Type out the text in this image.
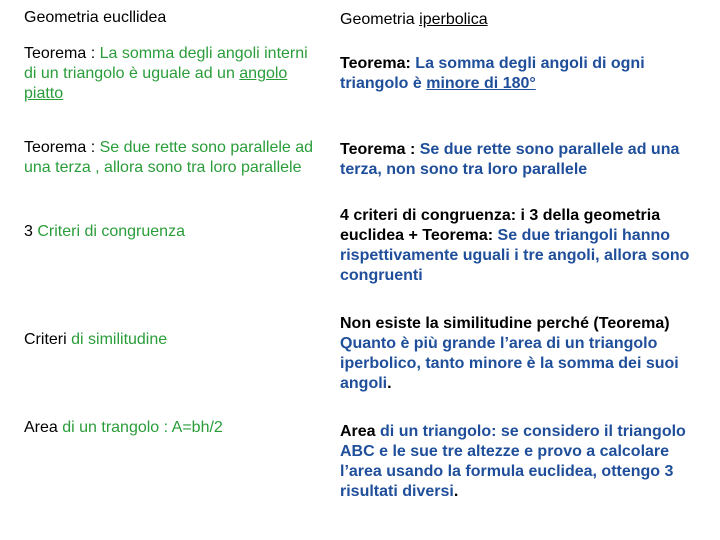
Geometria eucllidea

Teorema : La somma degli angoli interni di un triangolo è uguale ad un angolo piatto

Teorema : Se due rette sono parallele ad una terza , allora sono tra loro parallele

3 Criteri di congruenza

Criteri di similitudine

Area di un trangolo : A=bh/2

Geometria iperbolica

Teorema: La somma degli angoli di ogni triangolo è minore di 180°

Teorema : Se due rette sono parallele ad una terza, non sono tra loro parallele

4 criteri di congruenza: i 3 della geometria euclidea + Teorema: Se due triangoli hanno rispettivamente uguali i tre angoli, allora sono congruenti

Non esiste la similitudine perché (Teorema) Quanto è più grande l’area di un triangolo iperbolico, tanto minore è la somma dei suoi angoli.

Area di un triangolo: se considero il triangolo ABC e le sue tre altezze e provo a calcolare l’area usando la formula euclidea, ottengo 3 risultati diversi.
